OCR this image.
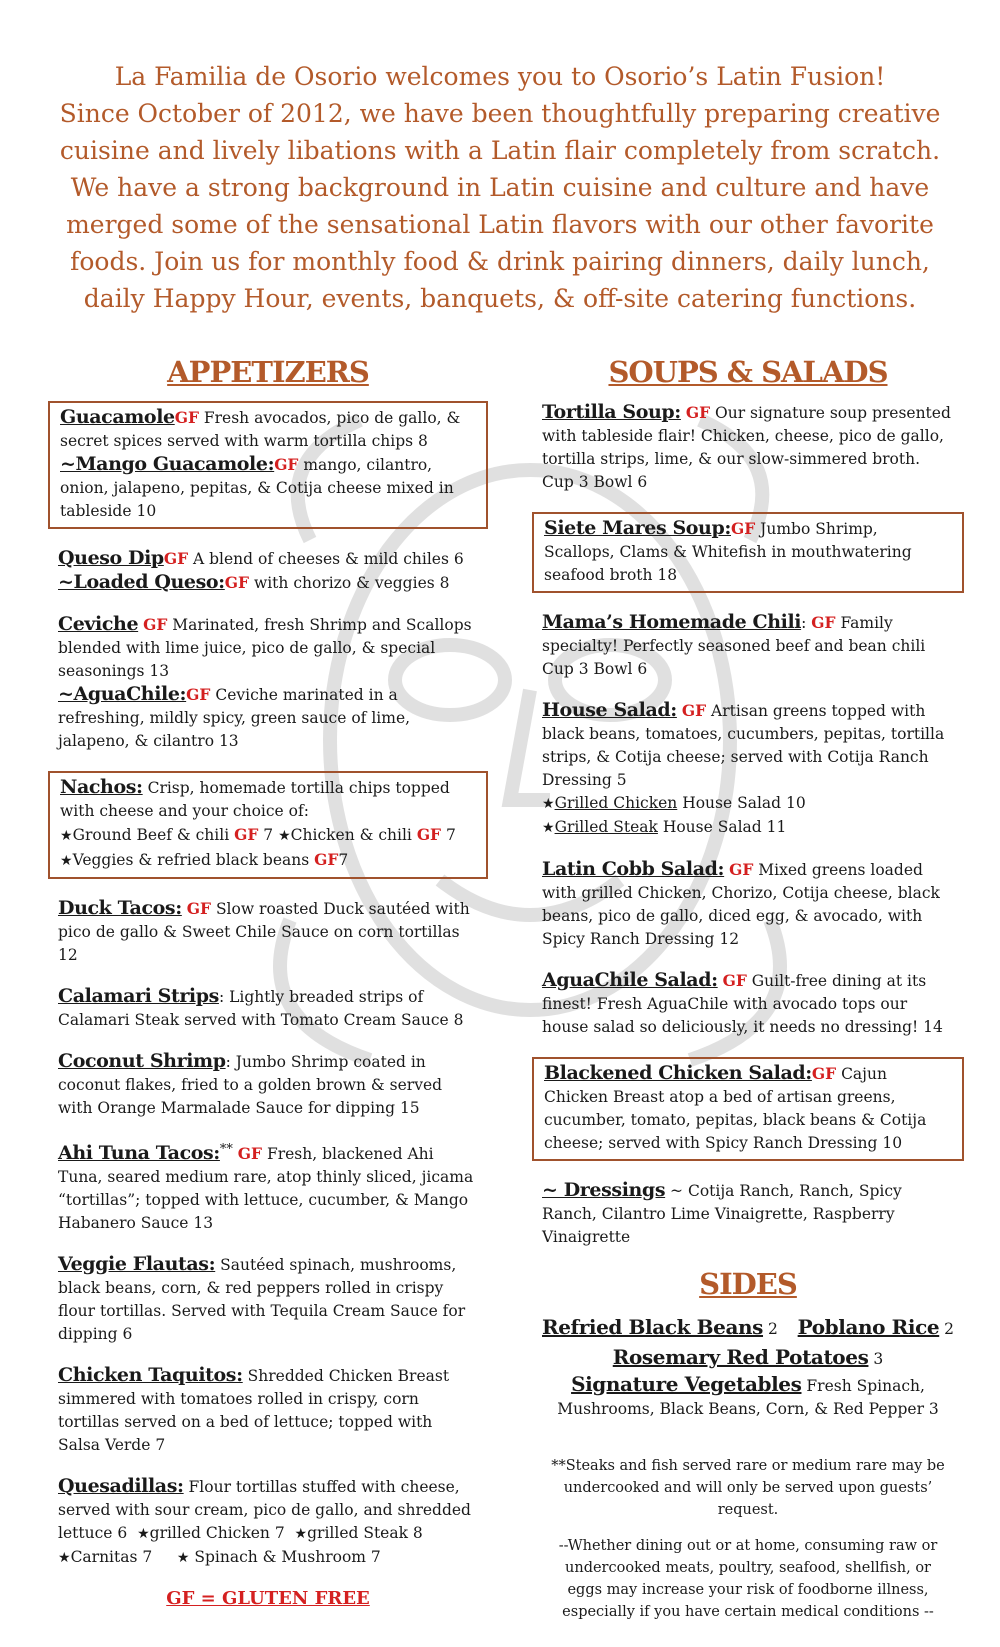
La Familia de Osorio welcomes you to Osorio’s Latin Fusion!
Since October of 2012, we have been thoughtfully preparing creative
cuisine and lively libations with a Latin flair completely from scratch.
We have a strong background in Latin cuisine and culture and have
merged some of the sensational Latin flavors with our other favorite
foods. Join us for monthly food & drink pairing dinners, daily lunch,
daily Happy Hour, events, banquets, & off-site catering functions.
APPETIZERS
GuacamoleGF Fresh avocados, pico de gallo, & secret spices served with warm tortilla chips 8
~Mango Guacamole:GF mango, cilantro, onion, jalapeno, pepitas, & Cotija cheese mixed in tableside 10
Queso DipGF A blend of cheeses & mild chiles 6
~Loaded Queso:GF with chorizo & veggies 8
Ceviche GF Marinated, fresh Shrimp and Scallops blended with lime juice, pico de gallo, & special seasonings 13
~AguaChile:GF Ceviche marinated in a refreshing, mildly spicy, green sauce of lime, jalapeno, & cilantro 13
Nachos: Crisp, homemade tortilla chips topped with cheese and your choice of:
★Ground Beef & chili GF 7 ★Chicken & chili GF 7
★Veggies & refried black beans GF7
Duck Tacos: GF Slow roasted Duck sautéed with pico de gallo & Sweet Chile Sauce on corn tortillas 12
Calamari Strips: Lightly breaded strips of Calamari Steak served with Tomato Cream Sauce 8
Coconut Shrimp: Jumbo Shrimp coated in coconut flakes, fried to a golden brown & served with Orange Marmalade Sauce for dipping 15
Ahi Tuna Tacos:** GF Fresh, blackened Ahi Tuna, seared medium rare, atop thinly sliced, jicama “tortillas”; topped with lettuce, cucumber, & Mango Habanero Sauce 13
Veggie Flautas: Sautéed spinach, mushrooms, black beans, corn, & red peppers rolled in crispy flour tortillas. Served with Tequila Cream Sauce for dipping 6
Chicken Taquitos: Shredded Chicken Breast simmered with tomatoes rolled in crispy, corn tortillas served on a bed of lettuce; topped with Salsa Verde 7
Quesadillas: Flour tortillas stuffed with cheese, served with sour cream, pico de gallo, and shredded lettuce 6 ★grilled Chicken 7 ★grilled Steak 8
★Carnitas 7 ★ Spinach & Mushroom 7
GF = GLUTEN FREE
SOUPS & SALADS
Tortilla Soup: GF Our signature soup presented with tableside flair! Chicken, cheese, pico de gallo, tortilla strips, lime, & our slow-simmered broth. Cup 3 Bowl 6
Siete Mares Soup:GF Jumbo Shrimp, Scallops, Clams & Whitefish in mouthwatering seafood broth 18
Mama’s Homemade Chili: GF Family specialty! Perfectly seasoned beef and bean chili Cup 3 Bowl 6
House Salad: GF Artisan greens topped with black beans, tomatoes, cucumbers, pepitas, tortilla strips, & Cotija cheese; served with Cotija Ranch Dressing 5
★Grilled Chicken House Salad 10
★Grilled Steak House Salad 11
Latin Cobb Salad: GF Mixed greens loaded with grilled Chicken, Chorizo, Cotija cheese, black beans, pico de gallo, diced egg, & avocado, with Spicy Ranch Dressing 12
AguaChile Salad: GF Guilt-free dining at its finest! Fresh AguaChile with avocado tops our house salad so deliciously, it needs no dressing! 14
Blackened Chicken Salad:GF Cajun Chicken Breast atop a bed of artisan greens, cucumber, tomato, pepitas, black beans & Cotija cheese; served with Spicy Ranch Dressing 10
~ Dressings ~ Cotija Ranch, Ranch, Spicy Ranch, Cilantro Lime Vinaigrette, Raspberry Vinaigrette
SIDES
Refried Black Beans 2 Poblano Rice 2
Rosemary Red Potatoes 3
Signature Vegetables Fresh Spinach, Mushrooms, Black Beans, Corn, & Red Pepper 3

**Steaks and fish served rare or medium rare may be undercooked and will only be served upon guests’ request.

--Whether dining out or at home, consuming raw or undercooked meats, poultry, seafood, shellfish, or eggs may increase your risk of foodborne illness, especially if you have certain medical conditions --
